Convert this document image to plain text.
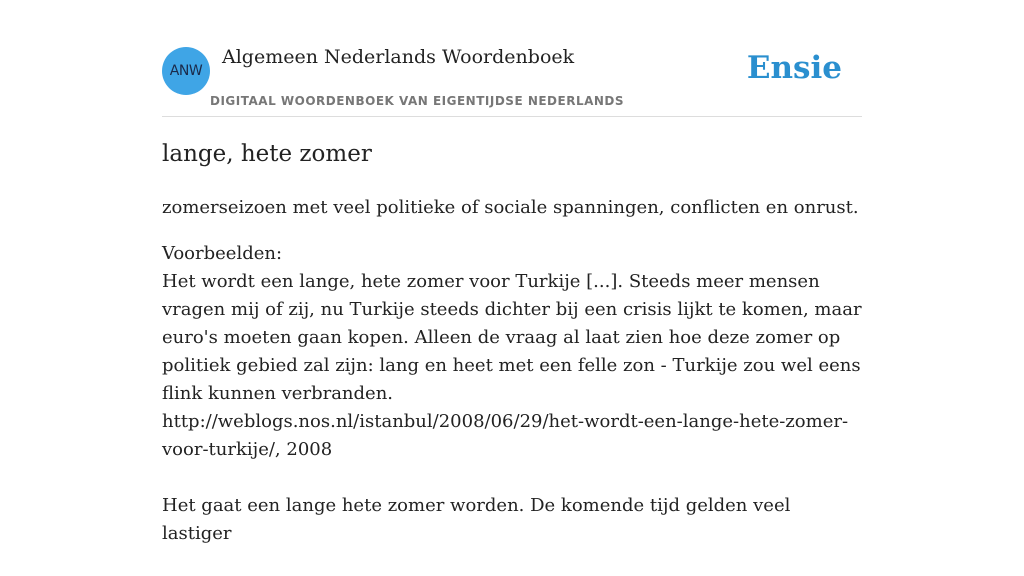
ANW
Algemeen Nederlands Woordenboek
DIGITAAL WOORDENBOEK VAN EIGENTIJDSE NEDERLANDS
Ensie
lange, hete zomer
zomerseizoen met veel politieke of sociale spanningen, conflicten en onrust.
Voorbeelden:

Het wordt een lange, hete zomer voor Turkije [...]. Steeds meer mensen vragen mij of zij, nu Turkije steeds dichter bij een crisis lijkt te komen, maar euro's moeten gaan kopen. Alleen de vraag al laat zien hoe deze zomer op politiek gebied zal zijn: lang en heet met een felle zon - Turkije zou wel eens flink kunnen verbranden.
http://weblogs.nos.nl/istanbul/2008/06/29/het-wordt-een-lange-hete-zomer-voor-turkije/, 2008

Het gaat een lange hete zomer worden. De komende tijd gelden veel lastiger
